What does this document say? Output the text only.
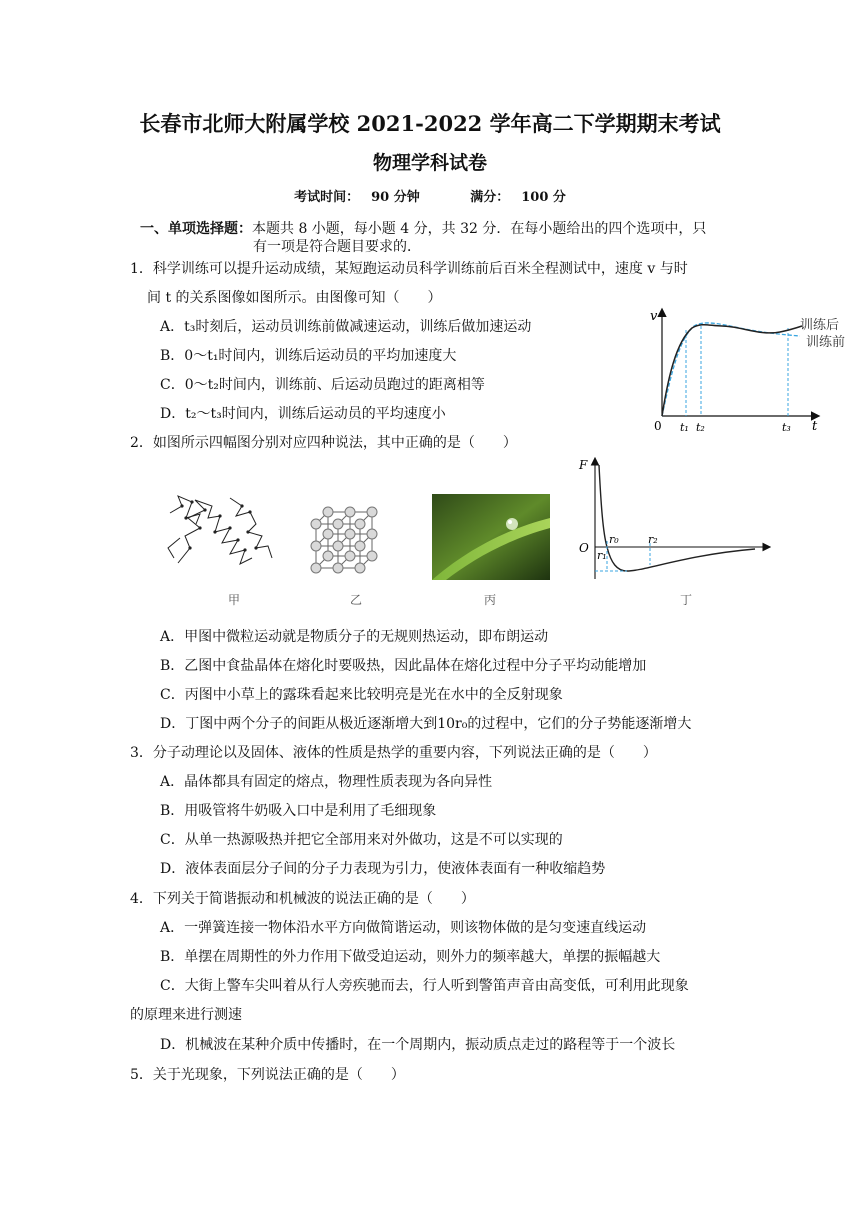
长春市北师大附属学校 2021-2022 学年高二下学期期末考试
物理学科试卷
考试时间： 90 分钟	满分： 100 分
一、单项选择题：本题共 8 小题，每小题 4 分，共 32 分．在每小题给出的四个选项中，只
有一项是符合题目要求的．
1．科学训练可以提升运动成绩，某短跑运动员科学训练前后百米全程测试中，速度 v 与时
间 t 的关系图像如图所示。由图像可知（　　）
A．t₃时刻后，运动员训练前做减速运动，训练后做加速运动
B．0～t₁时间内，训练后运动员的平均加速度大
C．0～t₂时间内，训练前、后运动员跑过的距离相等
D．t₂～t₃时间内，训练后运动员的平均速度小
v
t
0 t₁ t₂	t₃
训练后
训练前
2．如图所示四幅图分别对应四种说法，其中正确的是（　　）
F
O
r₀
r₁
r₂
甲	乙	丙	丁
A．甲图中微粒运动就是物质分子的无规则热运动，即布朗运动
B．乙图中食盐晶体在熔化时要吸热，因此晶体在熔化过程中分子平均动能增加
C．丙图中小草上的露珠看起来比较明亮是光在水中的全反射现象
D．丁图中两个分子的间距从极近逐渐增大到10r₀的过程中，它们的分子势能逐渐增大
3．分子动理论以及固体、液体的性质是热学的重要内容，下列说法正确的是（　　）
A．晶体都具有固定的熔点，物理性质表现为各向异性
B．用吸管将牛奶吸入口中是利用了毛细现象
C．从单一热源吸热并把它全部用来对外做功，这是不可以实现的
D．液体表面层分子间的分子力表现为引力，使液体表面有一种收缩趋势
4．下列关于简谐振动和机械波的说法正确的是（　　）
A．一弹簧连接一物体沿水平方向做简谐运动，则该物体做的是匀变速直线运动
B．单摆在周期性的外力作用下做受迫运动，则外力的频率越大，单摆的振幅越大
C．大街上警车尖叫着从行人旁疾驰而去，行人听到警笛声音由高变低，可利用此现象
的原理来进行测速
D．机械波在某种介质中传播时，在一个周期内，振动质点走过的路程等于一个波长
5．关于光现象，下列说法正确的是（　　）
